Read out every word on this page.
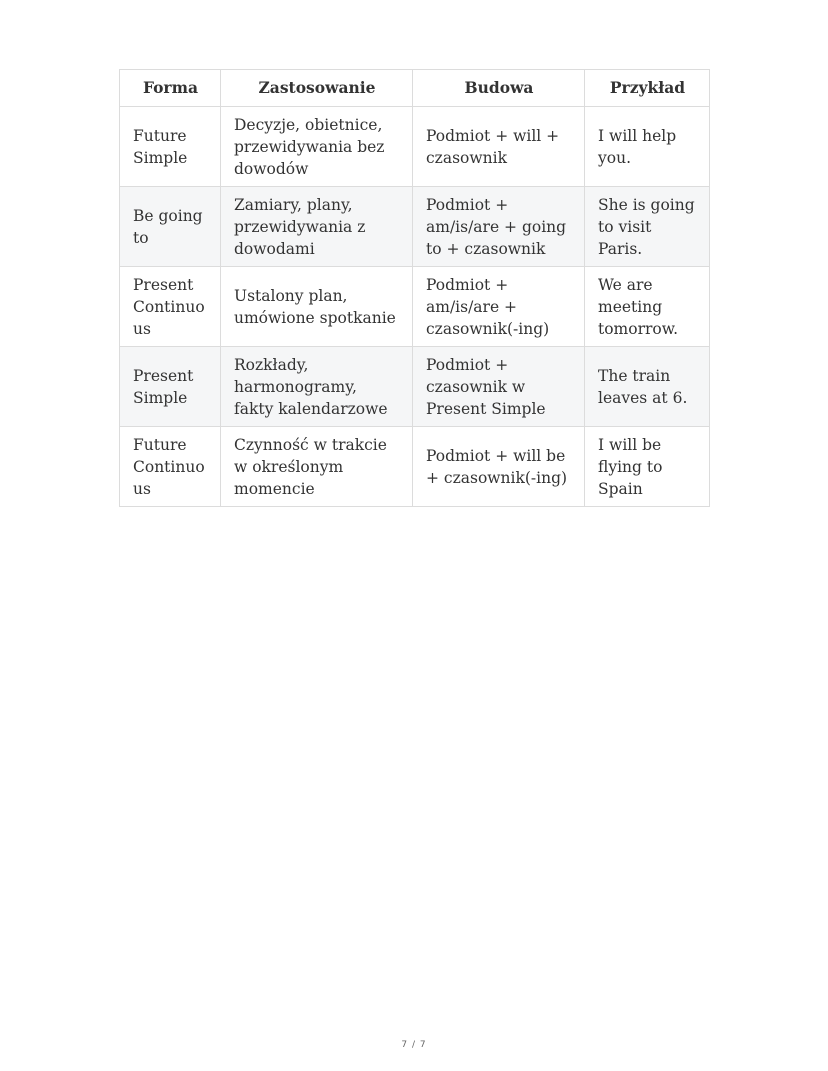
Forma	Zastosowanie	Budowa	Przykład
Future Simple	Decyzje, obietnice, przewidywania bez dowodów	Podmiot + will + czasownik	I will help you.
Be going to	Zamiary, plany, przewidywania z dowodami	Podmiot + am/is/are + going to + czasownik	She is going to visit Paris.
Present Continuo us	Ustalony plan, umówione spotkanie	Podmiot + am/is/are + czasownik(-ing)	We are meeting tomorrow.
Present Simple	Rozkłady, harmonogramy, fakty kalendarzowe	Podmiot + czasownik w Present Simple	The train leaves at 6.
Future Continuo us	Czynność w trakcie w określonym momencie	Podmiot + will be + czasownik(-ing)	I will be flying to Spain
7 / 7
